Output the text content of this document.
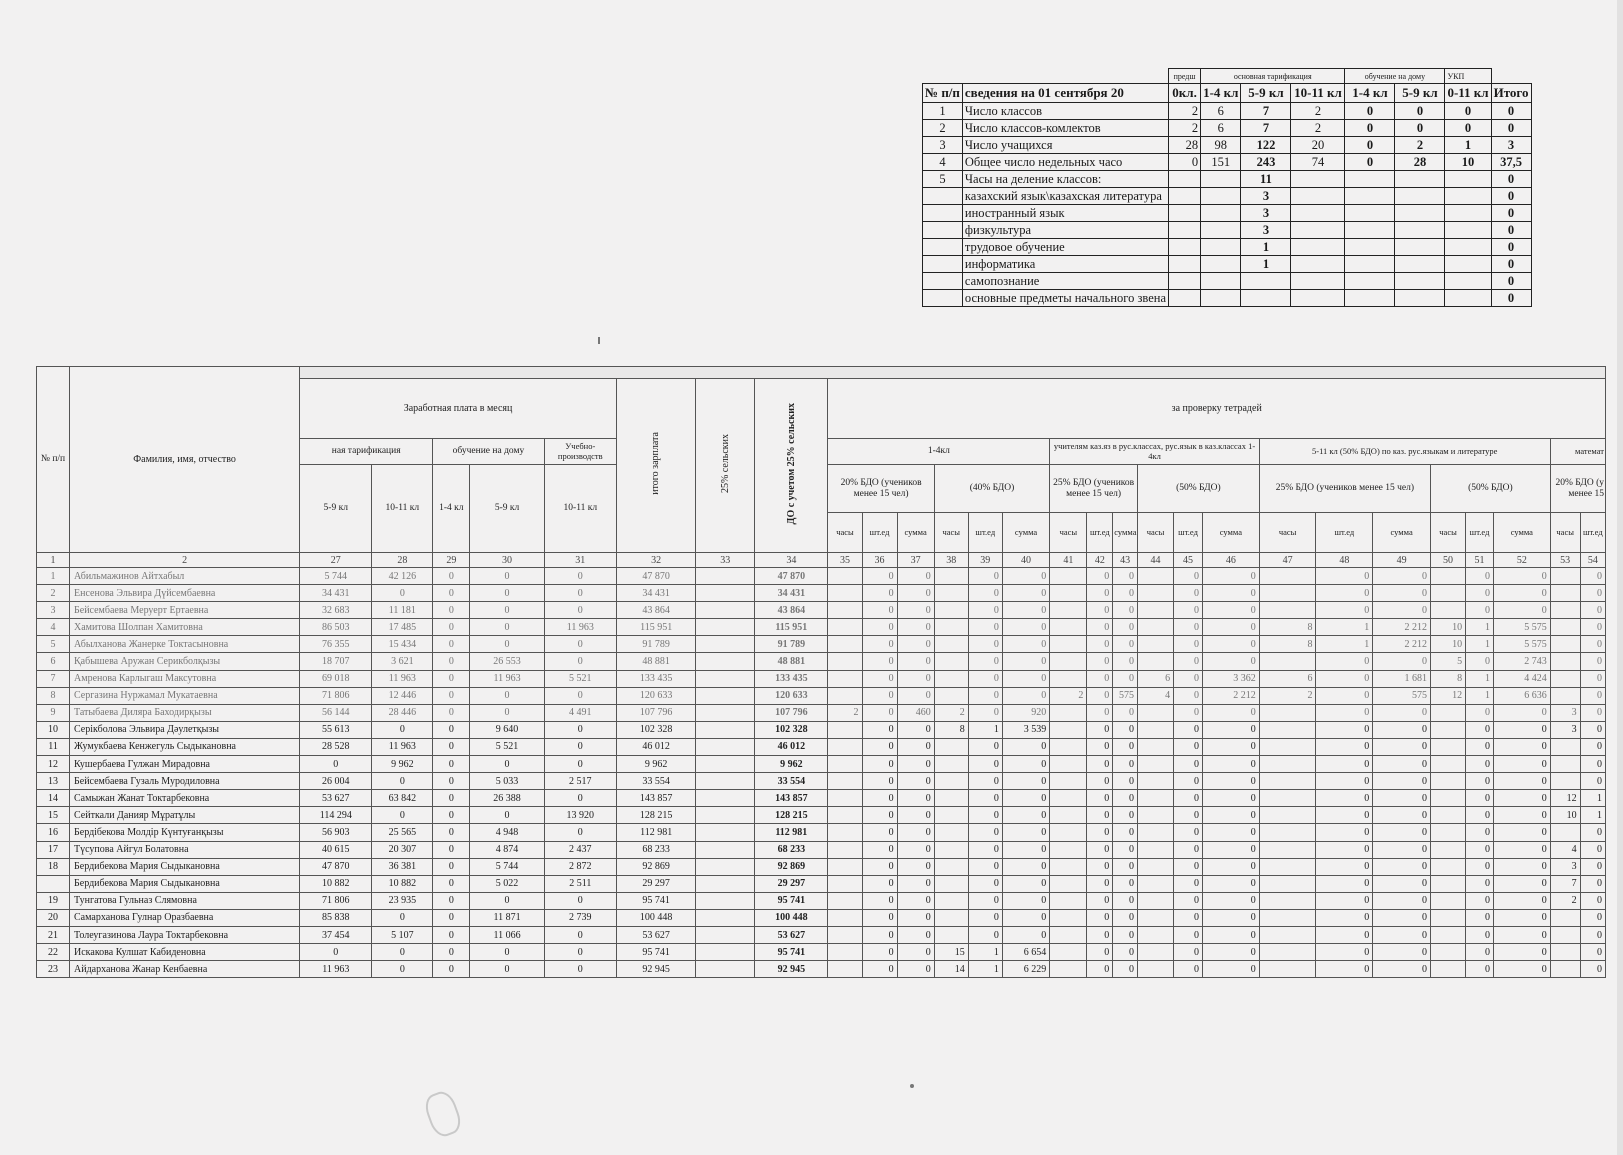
		предш	основная тарификация			обучение на дому		УКП	
№ п/п	сведения на 01 сентября 20	0кл.	1-4 кл	5-9 кл	10-11 кл	1-4 кл	5-9 кл	0-11 кл	Итого
1	Число классов	2	6	7	2	0	0	0	0
2	Число классов-комлектов	2	6	7	2	0	0	0	0
3	Число учащихся	28	98	122	20	0	2	1	3
4	Общее число недельных часо	0	151	243	74	0	28	10	37,5
5	Часы на деление классов:			11					0
	казахский язык\казахская литература			3					0
	иностранный язык			3					0
	физкультура			3					0
	трудовое обучение			1					0
	информатика			1					0
	самопознание								0
	основные предметы начального звена								0
№ п/п	Фамилия, имя, отчество																												
		Заработная плата в месяц					итого зарплата	25% сельских	ДО с учетом 25% сельских	за проверку тетрадей																			
		ная тарификация		обучение на дому		Учебно-производств				1-4кл						учителям каз.яз в рус.классах, рус.язык в каз.классах 1-4кл						5-11 кл (50% БДО) по каз. рус.языкам и литературе						математ	
		5-9 кл	10-11 кл	1-4 кл	5-9 кл	10-11 кл				20% БДО (учеников менее 15 чел)			(40% БДО)			25% БДО (учеников менее 15 чел)			(50% БДО)			25% БДО (учеников менее 15 чел)			(50% БДО)			20% БДО (у менее 15	
										часы	шт.ед	сумма	часы	шт.ед	сумма	часы	шт.ед	сумма	часы	шт.ед	сумма	часы	шт.ед	сумма	часы	шт.ед	сумма	часы	шт.ед
1	2	27	28	29	30	31	32	33	34	35	36	37	38	39	40	41	42	43	44	45	46	47	48	49	50	51	52	53	54
1	Абильмажинов Айтхабыл	5 744	42 126	0	0	0	47 870		47 870		0	0		0	0		0	0		0	0		0	0		0	0		0
2	Енсенова Эльвира Дүйсембаевна	34 431	0	0	0	0	34 431		34 431		0	0		0	0		0	0		0	0		0	0		0	0		0
3	Бейсембаева Меруерт Ертаевна	32 683	11 181	0	0	0	43 864		43 864		0	0		0	0		0	0		0	0		0	0		0	0		0
4	Хамитова Шолпан Хамитовна	86 503	17 485	0	0	11 963	115 951		115 951		0	0		0	0		0	0		0	0	8	1	2 212	10	1	5 575		0
5	Абылханова Жанерке Токтасыновна	76 355	15 434	0	0	0	91 789		91 789		0	0		0	0		0	0		0	0	8	1	2 212	10	1	5 575		0
6	Қабышева Аружан Серикболқызы	18 707	3 621	0	26 553	0	48 881		48 881		0	0		0	0		0	0		0	0		0	0	5	0	2 743		0
7	Амренова Карлыгаш Максутовна	69 018	11 963	0	11 963	5 521	133 435		133 435		0	0		0	0		0	0	6	0	3 362	6	0	1 681	8	1	4 424		0
8	Сергазина Нуржамал Мукатаевна	71 806	12 446	0	0	0	120 633		120 633		0	0		0	0	2	0	575	4	0	2 212	2	0	575	12	1	6 636		0
9	Татыбаева Диляра Баходирқызы	56 144	28 446	0	0	4 491	107 796		107 796	2	0	460	2	0	920		0	0		0	0		0	0		0	0	3	0
10	Серікболова Эльвира Дәулетқызы	55 613	0	0	9 640	0	102 328		102 328		0	0	8	1	3 539		0	0		0	0		0	0		0	0	3	0
11	Жумукбаева Кенжегуль Сыдыкановна	28 528	11 963	0	5 521	0	46 012		46 012		0	0		0	0		0	0		0	0		0	0		0	0		0
12	Кушербаева Гулжан Мирадовна	0	9 962	0	0	0	9 962		9 962		0	0		0	0		0	0		0	0		0	0		0	0		0
13	Бейсембаева Гузаль Муродиловна	26 004	0	0	5 033	2 517	33 554		33 554		0	0		0	0		0	0		0	0		0	0		0	0		0
14	Самыжан Жанат Toктарбековна	53 627	63 842	0	26 388	0	143 857		143 857		0	0		0	0		0	0		0	0		0	0		0	0	12	1
15	Сейткали Данияр Мұратұлы	114 294	0	0	0	13 920	128 215		128 215		0	0		0	0		0	0		0	0		0	0		0	0	10	1
16	Бердібекова Молдір Күнтуғанқызы	56 903	25 565	0	4 948	0	112 981		112 981		0	0		0	0		0	0		0	0		0	0		0	0		0
17	Түсупова Айгул Болатовна	40 615	20 307	0	4 874	2 437	68 233		68 233		0	0		0	0		0	0		0	0		0	0		0	0	4	0
18	Бердибекова Мария Сыдыкановна	47 870	36 381	0	5 744	2 872	92 869		92 869		0	0		0	0		0	0		0	0		0	0		0	0	3	0
	Бердибекова Мария Сыдыкановна	10 882	10 882	0	5 022	2 511	29 297		29 297		0	0		0	0		0	0		0	0		0	0		0	0	7	0
19	Тунгатова Гульназ Слямовна	71 806	23 935	0	0	0	95 741		95 741		0	0		0	0		0	0		0	0		0	0		0	0	2	0
20	Самарханова Гулнар Оразбаевна	85 838	0	0	11 871	2 739	100 448		100 448		0	0		0	0		0	0		0	0		0	0		0	0		0
21	Толеугазинова Лаура Токтарбековна	37 454	5 107	0	11 066	0	53 627		53 627		0	0		0	0		0	0		0	0		0	0		0	0		0
22	Искакова Кулшат Кабиденовна	0	0	0	0	0	95 741		95 741		0	0	15	1	6 654		0	0		0	0		0	0		0	0		0
23	Айдарханова Жанар Кенбаевна	11 963	0	0	0	0	92 945		92 945		0	0	14	1	6 229		0	0		0	0		0	0		0	0		0
